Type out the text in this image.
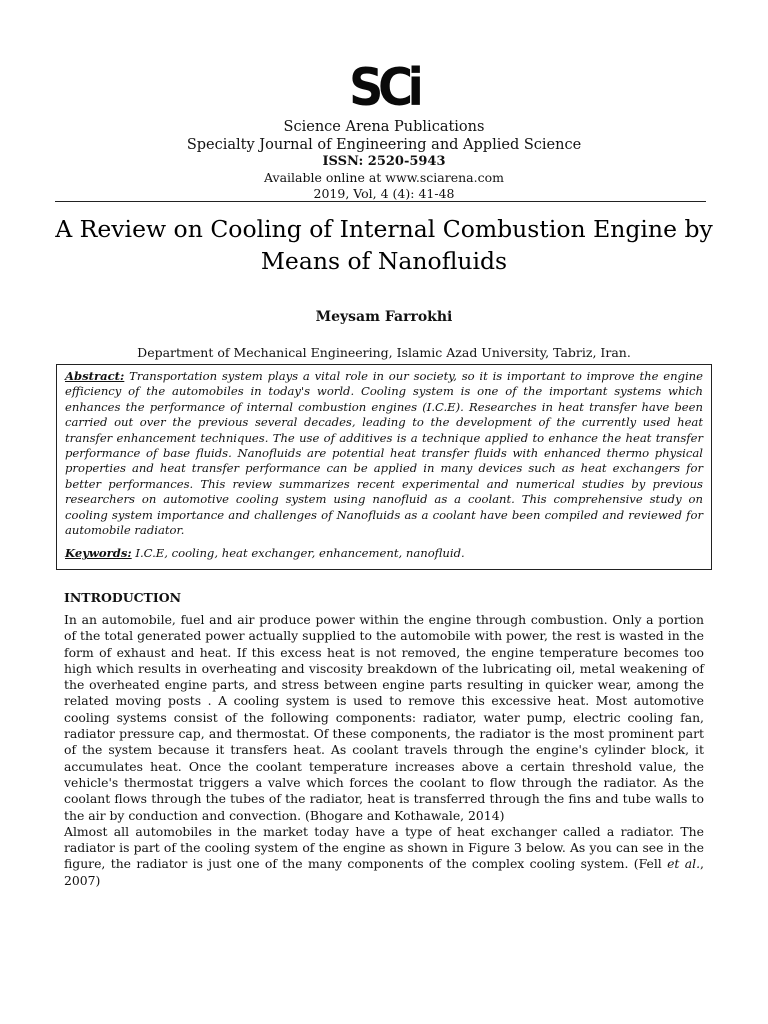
SCi
Science Arena Publications
Specialty Journal of Engineering and Applied Science
ISSN: 2520-5943
Available online at www.sciarena.com
2019, Vol, 4 (4): 41-48
A Review on Cooling of Internal Combustion Engine by Means of Nanofluids
Meysam Farrokhi
Department of Mechanical Engineering, Islamic Azad University, Tabriz, Iran.
Abstract: Transportation system plays a vital role in our society, so it is important to improve the engine efficiency of the automobiles in today's world. Cooling system is one of the important systems which enhances the performance of internal combustion engines (I.C.E). Researches in heat transfer have been carried out over the previous several decades, leading to the development of the currently used heat transfer enhancement techniques. The use of additives is a technique applied to enhance the heat transfer performance of base fluids. Nanofluids are potential heat transfer fluids with enhanced thermo physical properties and heat transfer performance can be applied in many devices such as heat exchangers for better performances. This review summarizes recent experimental and numerical studies by previous researchers on automotive cooling system using nanofluid as a coolant. This comprehensive study on cooling system importance and challenges of Nanofluids as a coolant have been compiled and reviewed for automobile radiator.
Keywords: I.C.E, cooling, heat exchanger, enhancement, nanofluid.
INTRODUCTION

In an automobile, fuel and air produce power within the engine through combustion. Only a portion of the total generated power actually supplied to the automobile with power, the rest is wasted in the form of exhaust and heat. If this excess heat is not removed, the engine temperature becomes too high which results in overheating and viscosity breakdown of the lubricating oil, metal weakening of the overheated engine parts, and stress between engine parts resulting in quicker wear, among the related moving posts . A cooling system is used to remove this excessive heat. Most automotive cooling systems consist of the following components: radiator, water pump, electric cooling fan, radiator pressure cap, and thermostat. Of these components, the radiator is the most prominent part of the system because it transfers heat. As coolant travels through the engine's cylinder block, it accumulates heat. Once the coolant temperature increases above a certain threshold value, the vehicle's thermostat triggers a valve which forces the coolant to flow through the radiator. As the coolant flows through the tubes of the radiator, heat is transferred through the fins and tube walls to the air by conduction and convection. (Bhogare and Kothawale, 2014)

Almost all automobiles in the market today have a type of heat exchanger called a radiator. The radiator is part of the cooling system of the engine as shown in Figure 3 below. As you can see in the figure, the radiator is just one of the many components of the complex cooling system. (Fell et al., 2007)
